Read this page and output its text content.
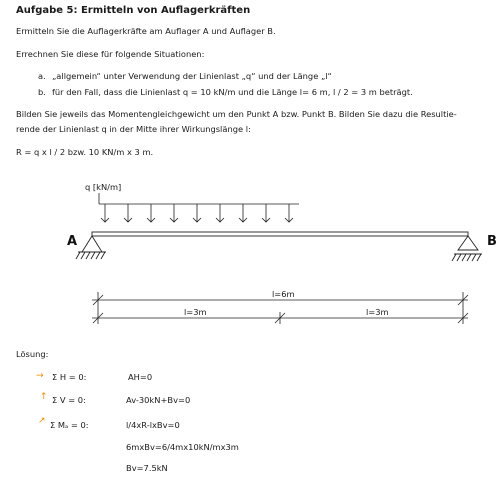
Aufgabe 5: Ermitteln von Auflagerkräften
Ermitteln Sie die Auflagerkräfte am Auflager A und Auflager B.
Errechnen Sie diese für folgende Situationen:
a. „allgemein“ unter Verwendung der Linienlast „q“ und der Länge „l“
b. für den Fall, dass die Linienlast q = 10 kN/m und die Länge l= 6 m, l / 2 = 3 m beträgt.
Bilden Sie jeweils das Momentengleichgewicht um den Punkt A bzw. Punkt B. Bilden Sie dazu die Resultie-
rende der Linienlast q in der Mitte ihrer Wirkungslänge l:
R = q x l / 2 bzw. 10 KN/m x 3 m.
q [kN/m]
A	B
l=6m
l=3m	l=3m
Lösung:
→ Σ H = 0:	AH=0
↑ Σ V = 0:	Av-30kN+Bv=0
↗ Σ Mₐ = 0:	l/4xR-lxBv=0
6mxBv=6/4mx10kN/mx3m
Bv=7.5kN
